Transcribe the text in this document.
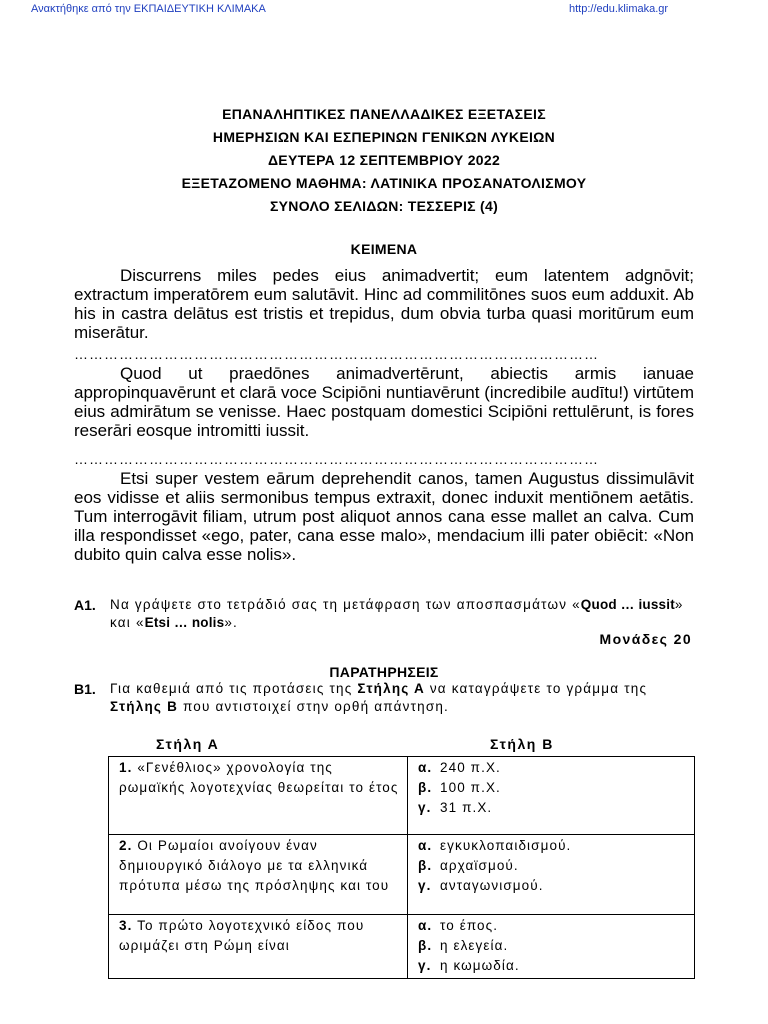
Ανακτήθηκε από την ΕΚΠΑΙΔΕΥΤΙΚΗ ΚΛΙΜΑΚΑ	http://edu.klimaka.gr
ΕΠΑΝΑΛΗΠΤΙΚΕΣ ΠΑΝΕΛΛΑΔΙΚΕΣ ΕΞΕΤΑΣΕΙΣ
ΗΜΕΡΗΣΙΩΝ ΚΑΙ ΕΣΠΕΡΙΝΩΝ ΓΕΝΙΚΩΝ ΛΥΚΕΙΩΝ
ΔΕΥΤΕΡΑ 12 ΣΕΠΤΕΜΒΡΙΟΥ 2022
ΕΞΕΤΑΖΟΜΕΝΟ ΜΑΘΗΜΑ: ΛΑΤΙΝΙΚΑ ΠΡΟΣΑΝΑΤΟΛΙΣΜΟΥ
ΣΥΝΟΛΟ ΣΕΛΙΔΩΝ: ΤΕΣΣΕΡΙΣ (4)
ΚΕΙΜΕΝΑ
Discurrens miles pedes eius animadvertit; eum latentem adgnōvit; extractum imperatōrem eum salutāvit. Hinc ad commilitōnes suos eum adduxit. Ab his in castra delātus est tristis et trepidus, dum obvia turba quasi moritūrum eum miserātur.
……………………………………………………………………………………………
Quod ut praedōnes animadvertērunt, abiectis armis ianuae appropinquavērunt et clarā voce Scipiōni nuntiavērunt (incredibile audītu!) virtūtem eius admirātum se venisse. Haec postquam domestici Scipiōni rettulērunt, is fores reserāri eosque intromitti iussit.
……………………………………………………………………………………………
Etsi super vestem eārum deprehendit canos, tamen Augustus dissimulāvit eos vidisse et aliis sermonibus tempus extraxit, donec induxit mentiōnem aetātis. Tum interrogāvit filiam, utrum post aliquot annos cana esse mallet an calva. Cum illa respondisset «ego, pater, cana esse malo», mendacium illi pater obiēcit: «Non dubito quin calva esse nolis».
A1. Να γράψετε στο τετράδιό σας τη μετάφραση των αποσπασμάτων «Quod … iussit» και «Etsi … nolis».
Μονάδες 20
ΠΑΡΑΤΗΡΗΣΕΙΣ
B1. Για καθεμιά από τις προτάσεις της Στήλης Α να καταγράψετε το γράμμα της Στήλης Β που αντιστοιχεί στην ορθή απάντηση.
Στήλη Α	Στήλη Β
1. «Γενέθλιος» χρονολογία της ρωμαϊκής λογοτεχνίας θεωρείται το έτος	α. 240 π.Χ.
β. 100 π.Χ.
γ. 31 π.Χ.

2. Οι Ρωμαίοι ανοίγουν έναν δημιουργικό διάλογο με τα ελληνικά πρότυπα μέσω της πρόσληψης και του	α. εγκυκλοπαιδισμού.
β. αρχαϊσμού.
γ. ανταγωνισμού.

3. Το πρώτο λογοτεχνικό είδος που ωριμάζει στη Ρώμη είναι	α. το έπος.
β. η ελεγεία.
γ. η κωμωδία.
